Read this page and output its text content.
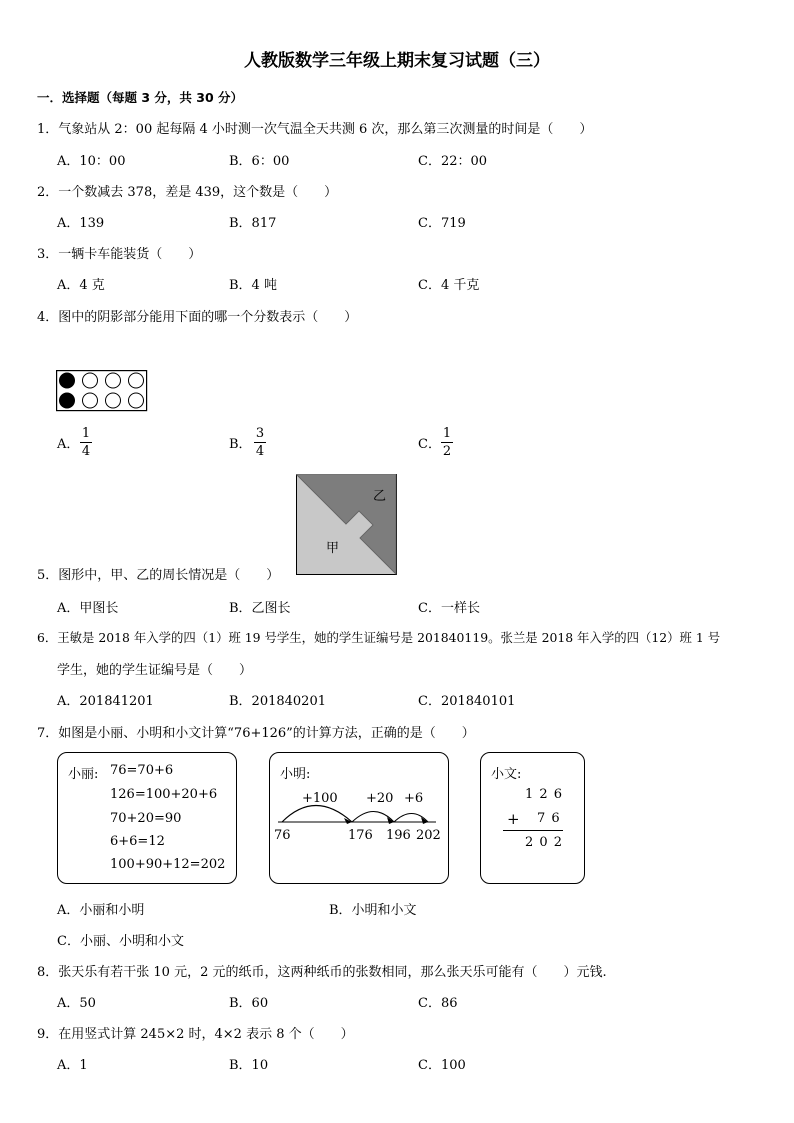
人教版数学三年级上期末复习试题（三）
一．选择题（每题 3 分，共 30 分）
1．气象站从 2：00 起每隔 4 小时测一次气温全天共测 6 次，那么第三次测量的时间是（　　）
A．10：00	B．6：00	C．22：00
2．一个数减去 378，差是 439，这个数是（　　）
A．139	B．817	C．719
3．一辆卡车能装货（　　）
A．4 克	B．4 吨	C．4 千克
4．图中的阴影部分能用下面的哪一个分数表示（　　）
A．
1
4	B．
3
4	C．
1
2
乙
甲
5．图形中，甲、乙的周长情况是（　　）
A．甲图长	B．乙图长	C．一样长
6．王敏是 2018 年入学的四（1）班 19 号学生，她的学生证编号是 201840119。张兰是 2018 年入学的四（12）班 1 号
学生，她的学生证编号是（　　）
A．201841201	B．201840201	C．201840101
7．如图是小丽、小明和小文计算“76+126”的计算方法，正确的是（　　）
小丽: 76=70+6
126=100+20+6
70+20=90
6+6=12
100+90+12=202
小明:
+100 +20 +6
76	176 196 202
小文:
1 2 6
+ 7 6
2 0 2
A．小丽和小明	B．小明和小文
C．小丽、小明和小文
8．张天乐有若干张 10 元，2 元的纸币，这两种纸币的张数相同，那么张天乐可能有（　　）元钱.
A．50	B．60	C．86
9．在用竖式计算 245×2 时，4×2 表示 8 个（　　）
A．1	B．10	C．100
